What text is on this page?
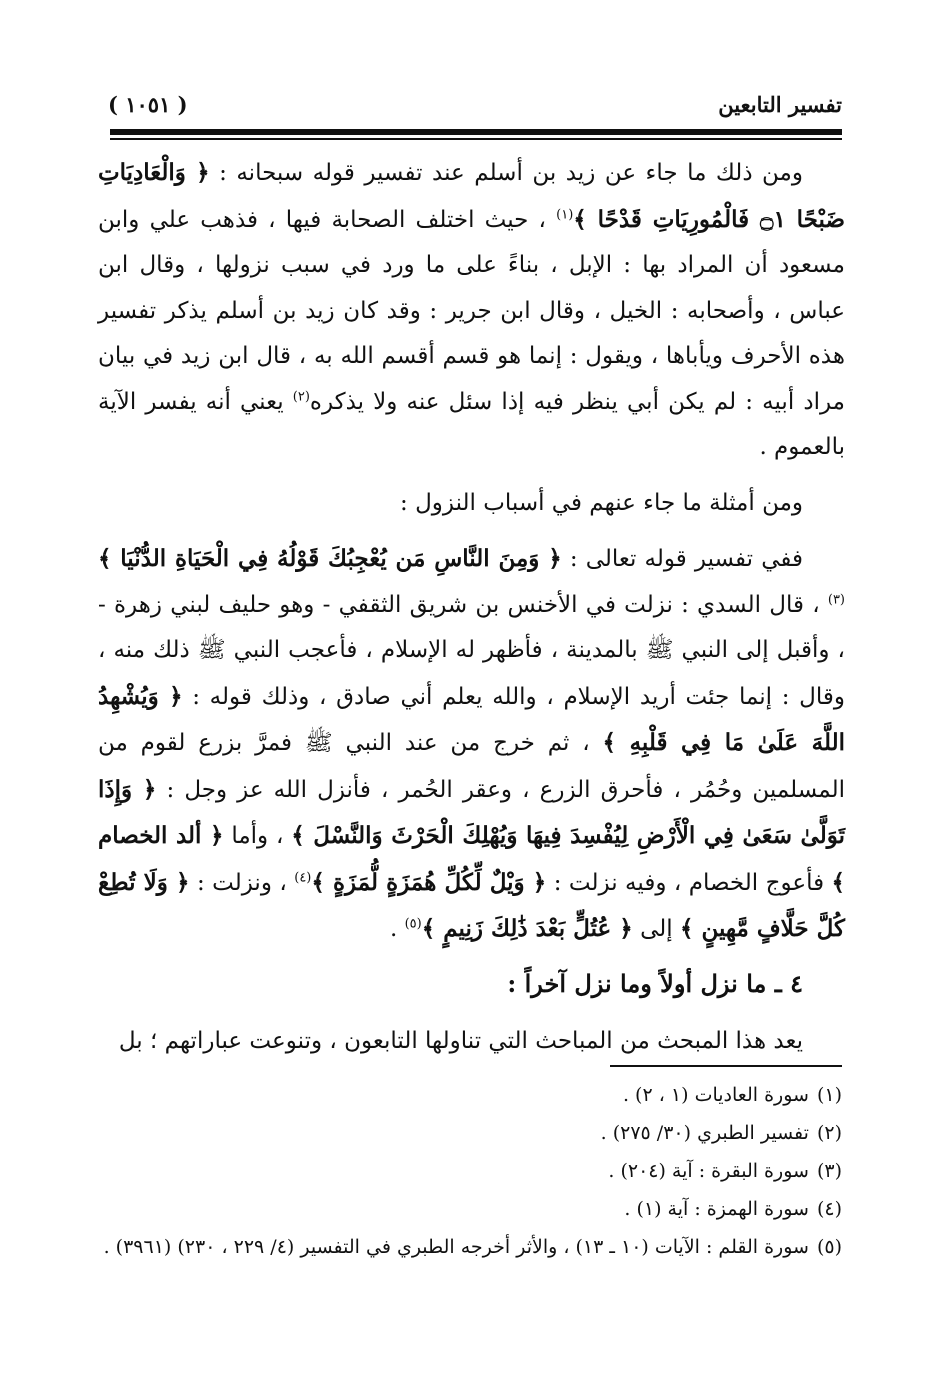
تفسير التابعين
( ١٠٥١ )

ومن ذلك ما جاء عن زيد بن أسلم عند تفسير قوله سبحانه : ﴿ وَالْعَادِيَاتِ ضَبْحًا ۝١ فَالْمُورِيَاتِ قَدْحًا ﴾$^{(١)}$ ، حيث اختلف الصحابة فيها ، فذهب علي وابن مسعود أن المراد بها : الإبل ، بناءً على ما ورد في سبب نزولها ، وقال ابن عباس ، وأصحابه : الخيل ، وقال ابن جرير : وقد كان زيد بن أسلم يذكر تفسير هذه الأحرف ويأباها ، ويقول : إنما هو قسم أقسم الله به ، قال ابن زيد في بيان مراد أبيه : لم يكن أبي ينظر فيه إذا سئل عنه ولا يذكره$^{(٢)}$ يعني أنه يفسر الآية بالعموم .

ومن أمثلة ما جاء عنهم في أسباب النزول :

ففي تفسير قوله تعالى : ﴿ وَمِنَ النَّاسِ مَن يُعْجِبُكَ قَوْلُهُ فِي الْحَيَاةِ الدُّنْيَا ﴾$^{(٣)}$ ، قال السدي : نزلت في الأخنس بن شريق الثقفي - وهو حليف لبني زهرة - ، وأقبل إلى النبي ﷺ بالمدينة ، فأظهر له الإسلام ، فأعجب النبي ﷺ ذلك منه ، وقال : إنما جئت أريد الإسلام ، والله يعلم أني صادق ، وذلك قوله : ﴿ وَيُشْهِدُ اللَّهَ عَلَىٰ مَا فِي قَلْبِهِ ﴾ ، ثم خرج من عند النبي ﷺ فمرَّ بزرع لقوم من المسلمين وحُمُر ، فأحرق الزرع ، وعقر الحُمر ، فأنزل الله عز وجل : ﴿ وَإِذَا تَوَلَّىٰ سَعَىٰ فِي الْأَرْضِ لِيُفْسِدَ فِيهَا وَيُهْلِكَ الْحَرْثَ وَالنَّسْلَ ﴾ ، وأما ﴿ ألد الخصام ﴾ فأعوج الخصام ، وفيه نزلت : ﴿ وَيْلٌ لِّكُلِّ هُمَزَةٍ لُّمَزَةٍ ﴾$^{(٤)}$ ، ونزلت : ﴿ وَلَا تُطِعْ كُلَّ حَلَّافٍ مَّهِينٍ ﴾ إلى ﴿ عُتُلٍّ بَعْدَ ذَٰلِكَ زَنِيمٍ ﴾$^{(٥)}$ .

٤ ـ ما نزل أولاً وما نزل آخراً :

يعد هذا المبحث من المباحث التي تناولها التابعون ، وتنوعت عباراتهم ؛ بل

(١)سورة العاديات (١ ، ٢) .
(٢)تفسير الطبري (٣٠/ ٢٧٥) .
(٣)سورة البقرة : آية (٢٠٤) .
(٤)سورة الهمزة : آية (١) .
(٥)سورة القلم : الآيات (١٠ ـ ١٣) ، والأثر أخرجه الطبري في التفسير (٤/ ٢٢٩ ، ٢٣٠) (٣٩٦١) .
